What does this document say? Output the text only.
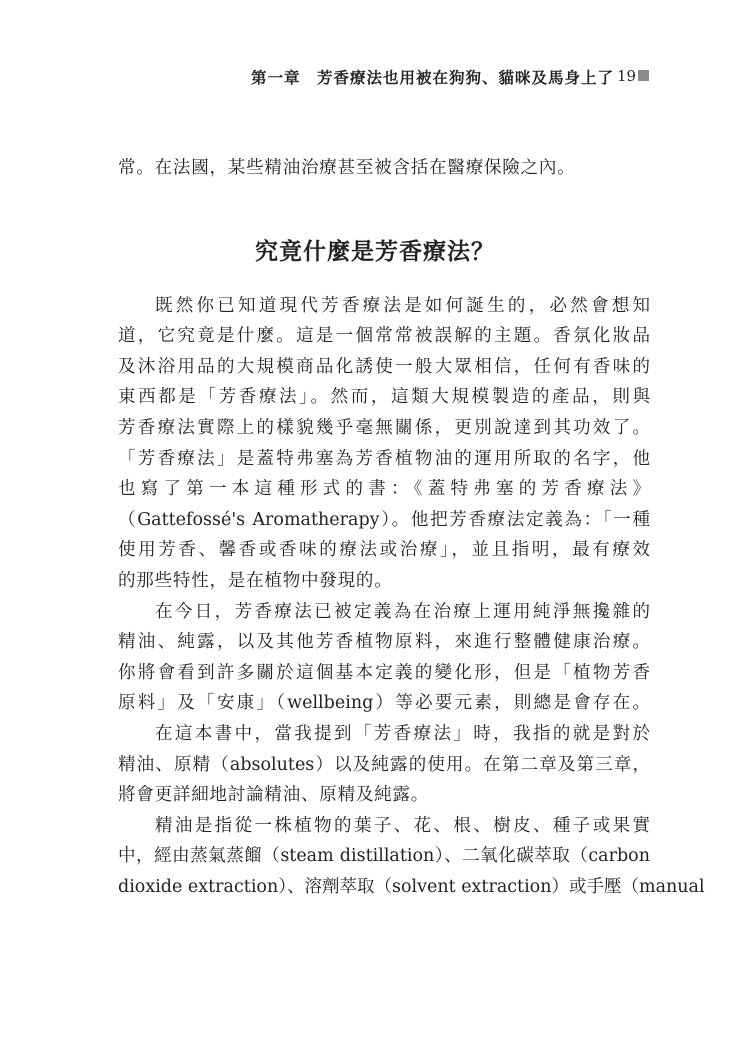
第一章　芳香療法也用被在狗狗、貓咪及馬身上了 19
常。在法國，某些精油治療甚至被含括在醫療保險之內。
究竟什麼是芳香療法？
既然你已知道現代芳香療法是如何誕生的，必然會想知
道，它究竟是什麼。這是一個常常被誤解的主題。香氛化妝品
及沐浴用品的大規模商品化誘使一般大眾相信，任何有香味的
東西都是「芳香療法」。然而，這類大規模製造的產品，則與
芳香療法實際上的樣貌幾乎毫無關係，更別說達到其功效了。
「芳香療法」是蓋特弗塞為芳香植物油的運用所取的名字，他
也寫了第一本這種形式的書：《蓋特弗塞的芳香療法》
（Gattefossé's Aromatherapy）。他把芳香療法定義為：「一種
使用芳香、馨香或香味的療法或治療」，並且指明，最有療效
的那些特性，是在植物中發現的。
在今日，芳香療法已被定義為在治療上運用純淨無攙雜的
精油、純露，以及其他芳香植物原料，來進行整體健康治療。
你將會看到許多關於這個基本定義的變化形，但是「植物芳香
原料」及「安康」（wellbeing）等必要元素，則總是會存在。
在這本書中，當我提到「芳香療法」時，我指的就是對於
精油、原精（absolutes）以及純露的使用。在第二章及第三章，
將會更詳細地討論精油、原精及純露。
精油是指從一株植物的葉子、花、根、樹皮、種子或果實
中，經由蒸氣蒸餾（steam distillation）、二氧化碳萃取（carbon
dioxide extraction）、溶劑萃取（solvent extraction）或手壓（manual
